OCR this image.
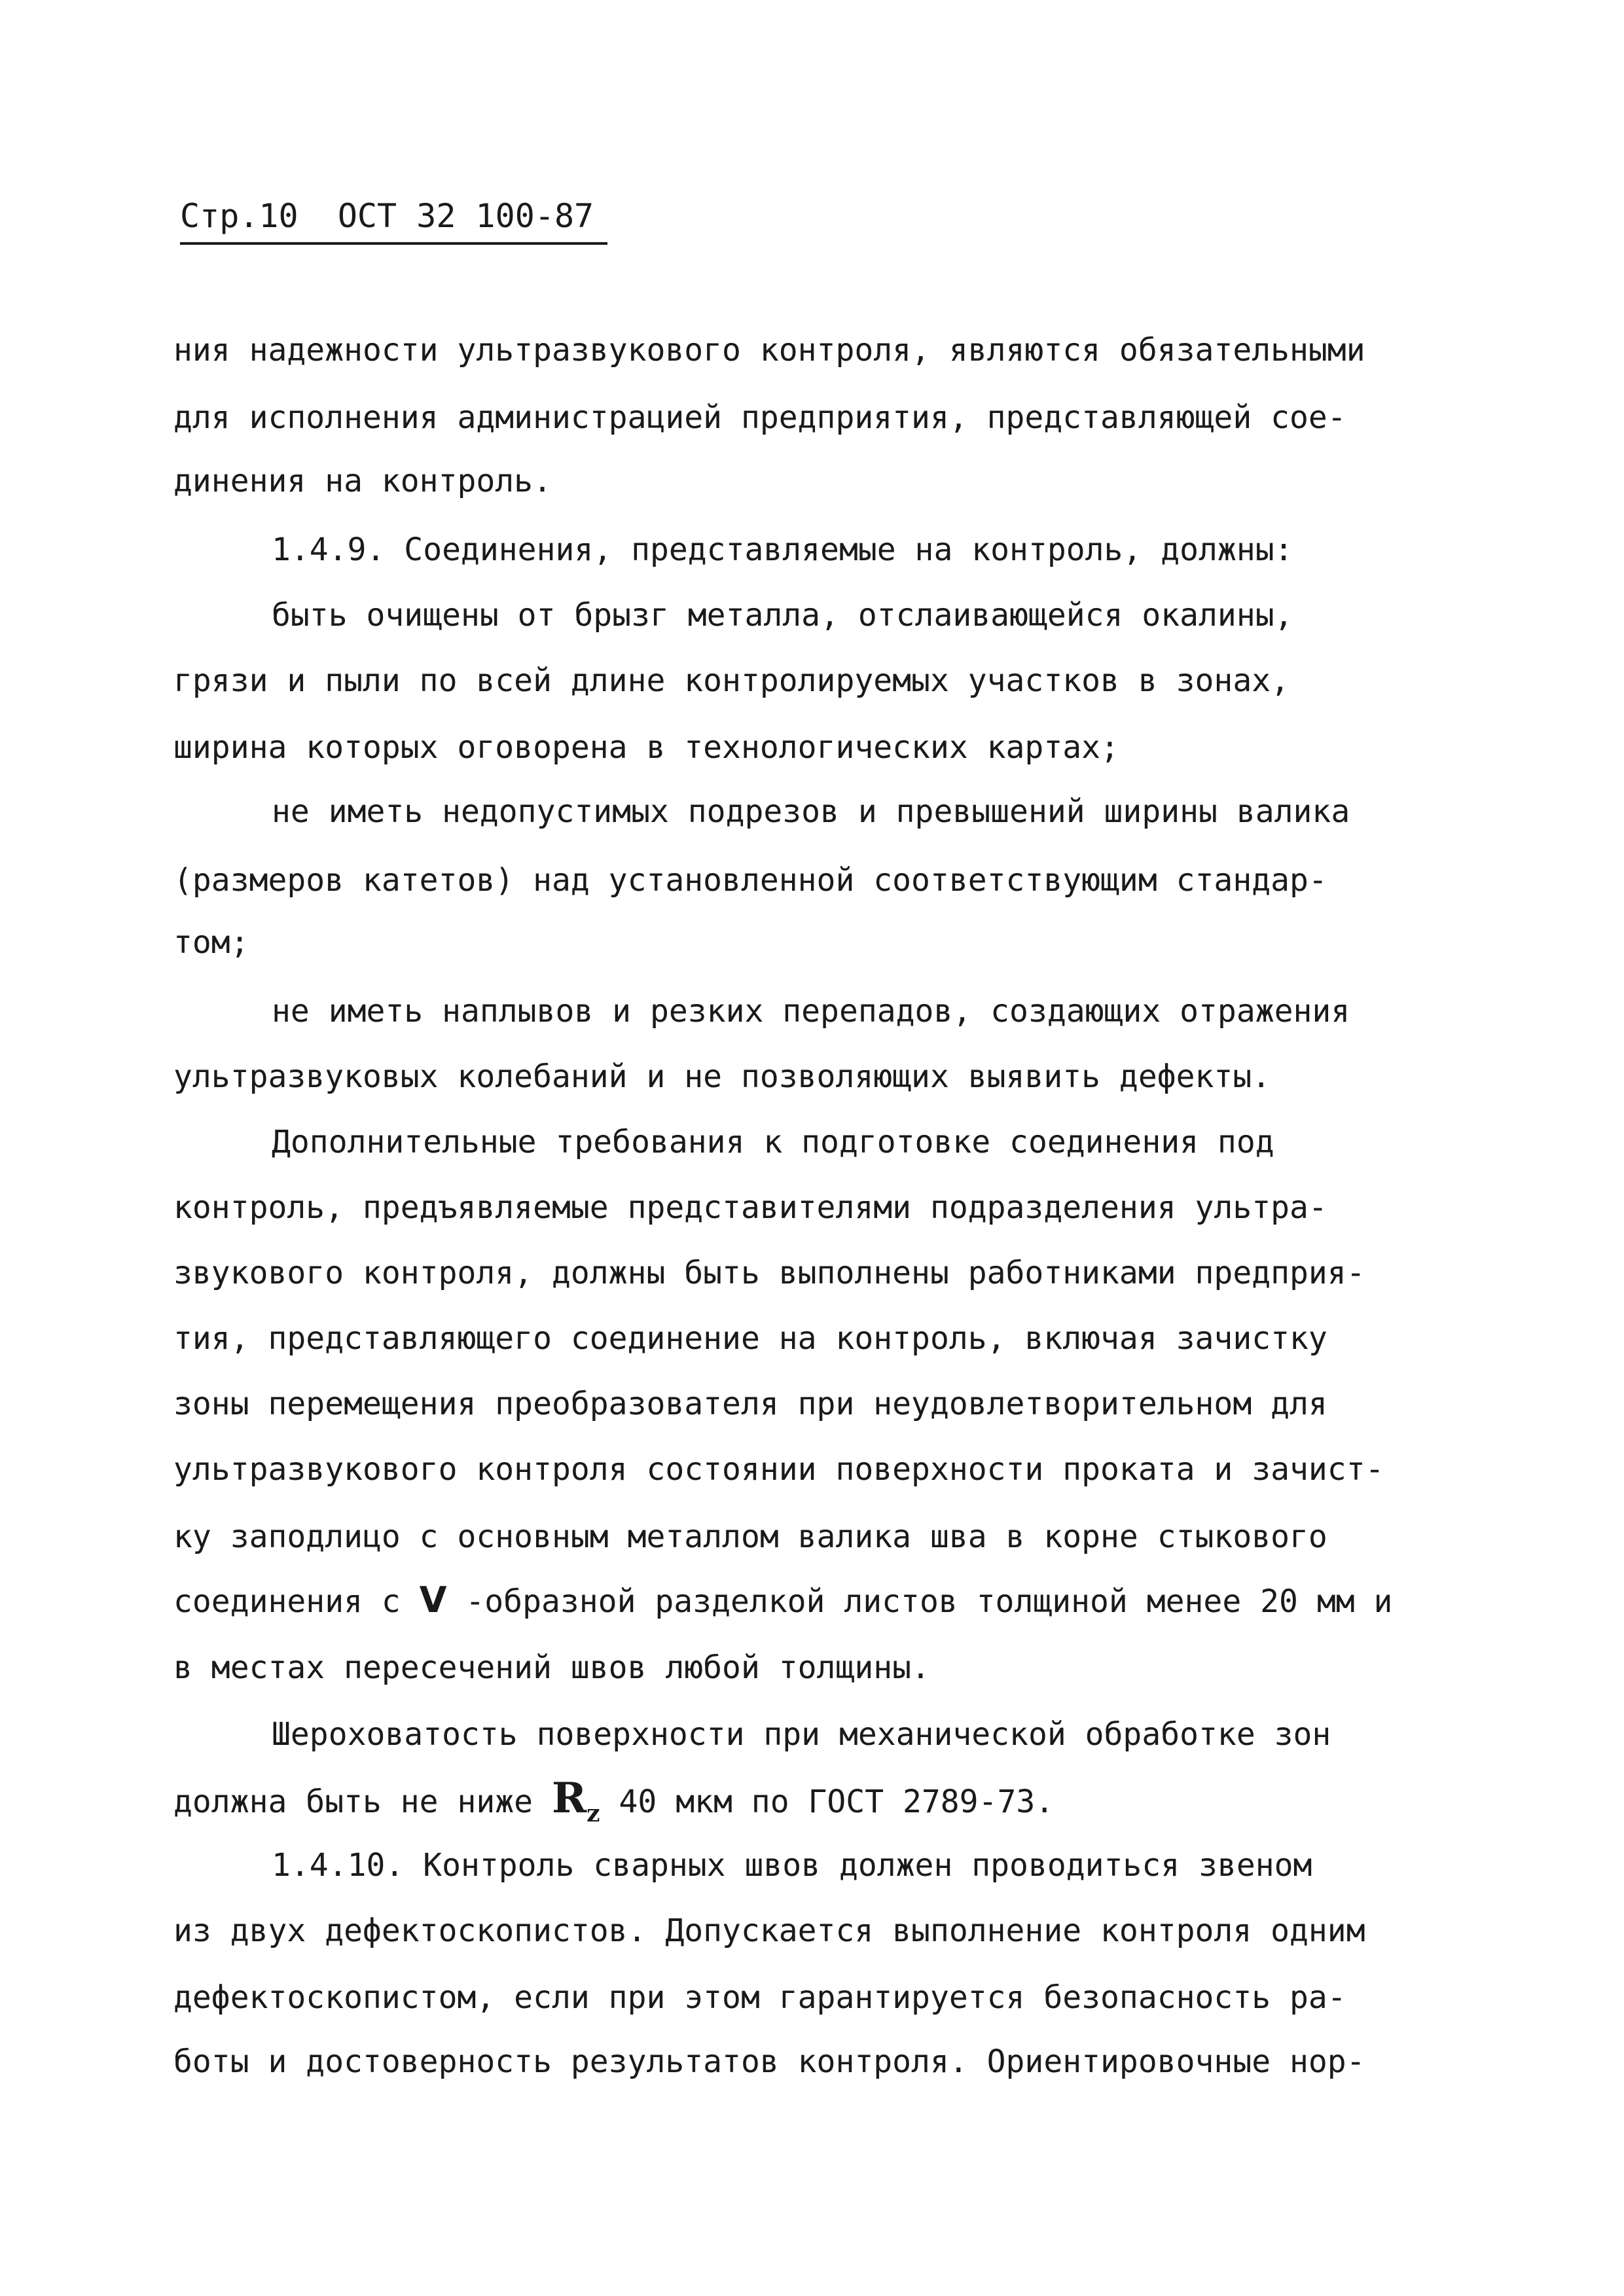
Стр.10  ОСТ 32 100-87
ния надежности ультразвукового контроля, являются обязательными
для исполнения администрацией предприятия, представляющей сое-
динения на контроль.
1.4.9. Соединения, представляемые на контроль, должны:
быть очищены от брызг металла, отслаивающейся окалины,
грязи и пыли по всей длине контролируемых участков в зонах,
ширина которых оговорена в технологических картах;
не иметь недопустимых подрезов и превышений ширины валика
(размеров катетов) над установленной соответствующим стандар-
том;
не иметь наплывов и резких перепадов, создающих отражения
ультразвуковых колебаний и не позволяющих выявить дефекты.
Дополнительные требования к подготовке соединения под
контроль, предъявляемые представителями подразделения ультра-
звукового контроля, должны быть выполнены работниками предприя-
тия, представляющего соединение на контроль, включая зачистку
зоны перемещения преобразователя при неудовлетворительном для
ультразвукового контроля состоянии поверхности проката и зачист-
ку заподлицо с основным металлом валика шва в корне стыкового
соединения с V -образной разделкой листов толщиной менее 20 мм и
в местах пересечений швов любой толщины.
Шероховатость поверхности при механической обработке зон
должна быть не ниже $R_z$ 40 мкм по ГОСТ 2789-73.
1.4.10. Контроль сварных швов должен проводиться звеном
из двух дефектоскопистов. Допускается выполнение контроля одним
дефектоскопистом, если при этом гарантируется безопасность ра-
боты и достоверность результатов контроля. Ориентировочные нор-
